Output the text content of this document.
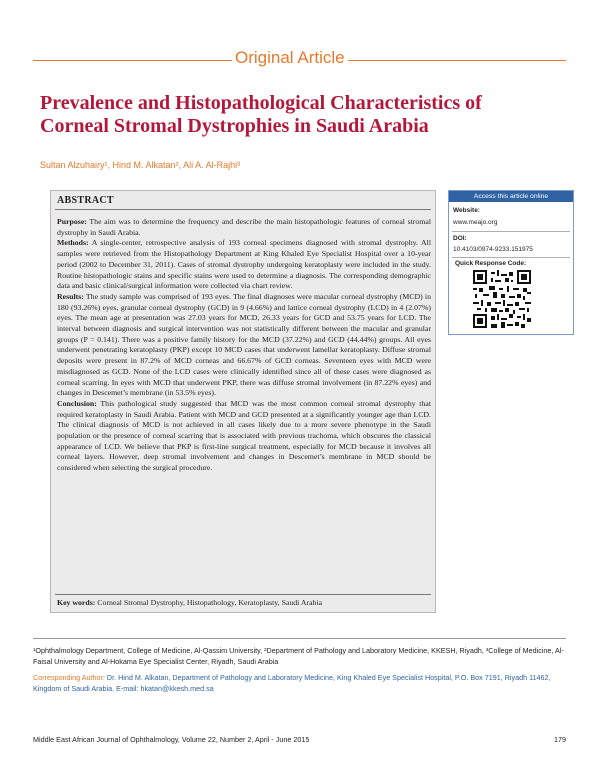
Original Article
Prevalence and Histopathological Characteristics of Corneal Stromal Dystrophies in Saudi Arabia
Sultan Alzuhairy¹, Hind M. Alkatan², Ali A. Al-Rajhi³
ABSTRACT

Purpose: The aim was to determine the frequency and describe the main histopathologic features of corneal stromal dystrophy in Saudi Arabia.

Methods: A single-center, retrospective analysis of 193 corneal specimens diagnosed with stromal dystrophy. All samples were retrieved from the Histopathology Department at King Khaled Eye Specialist Hospital over a 10-year period (2002 to December 31, 2011). Cases of stromal dystrophy undergoing keratoplasty were included in the study. Routine histopathologic stains and specific stains were used to determine a diagnosis. The corresponding demographic data and basic clinical/surgical information were collected via chart review.

Results: The study sample was comprised of 193 eyes. The final diagnoses were macular corneal dystrophy (MCD) in 180 (93.26%) eyes, granular corneal dystrophy (GCD) in 9 (4.66%) and lattice corneal dystrophy (LCD) in 4 (2.07%) eyes. The mean age at presentation was 27.03 years for MCD, 26.33 years for GCD and 53.75 years for LCD. The interval between diagnosis and surgical intervention was not statistically different between the macular and granular groups (P = 0.141). There was a positive family history for the MCD (37.22%) and GCD (44.44%) groups. All eyes underwent penetrating keratoplasty (PKP) except 10 MCD cases that underwent lamellar keratoplasty. Diffuse stromal deposits were present in 87.2% of MCD corneas and 66.67% of GCD corneas. Seventeen eyes with MCD were misdiagnosed as GCD. None of the LCD cases were clinically identified since all of these cases were diagnosed as corneal scarring. In eyes with MCD that underwent PKP, there was diffuse stromal involvement (in 87.22% eyes) and changes in Descemet’s membrane (in 53.5% eyes).

Conclusion: This pathological study suggested that MCD was the most common corneal stromal dystrophy that required keratoplasty in Saudi Arabia. Patient with MCD and GCD presented at a significantly younger age than LCD. The clinical diagnosis of MCD is not achieved in all cases likely due to a more severe phenotype in the Saudi population or the presence of corneal scarring that is associated with previous trachoma, which obscures the classical appearance of LCD. We believe that PKP is first-line surgical treatment, especially for MCD because it involves all corneal layers. However, deep stromal involvement and changes in Descemet’s membrane in MCD should be considered when selecting the surgical procedure.

Key words: Corneal Stromal Dystrophy, Histopathology, Keratoplasty, Saudi Arabia
Access this article online
Website:
www.meajo.org
DOI:
10.4103/0974-9233.151975
Quick Response Code:
¹Ophthalmology Department, College of Medicine, Al-Qassim University, ²Department of Pathology and Laboratory Medicine, KKESH, Riyadh, ³College of Medicine, Al-Faisal University and Al-Hokama Eye Specialist Center, Riyadh, Saudi Arabia
Corresponding Author: Dr. Hind M. Alkatan, Department of Pathology and Laboratory Medicine, King Khaled Eye Specialist Hospital, P.O. Box 7191, Riyadh 11462, Kingdom of Saudi Arabia. E-mail: hkatan@kkesh.med.sa
Middle East African Journal of Ophthalmology, Volume 22, Number 2, April - June 2015	179
